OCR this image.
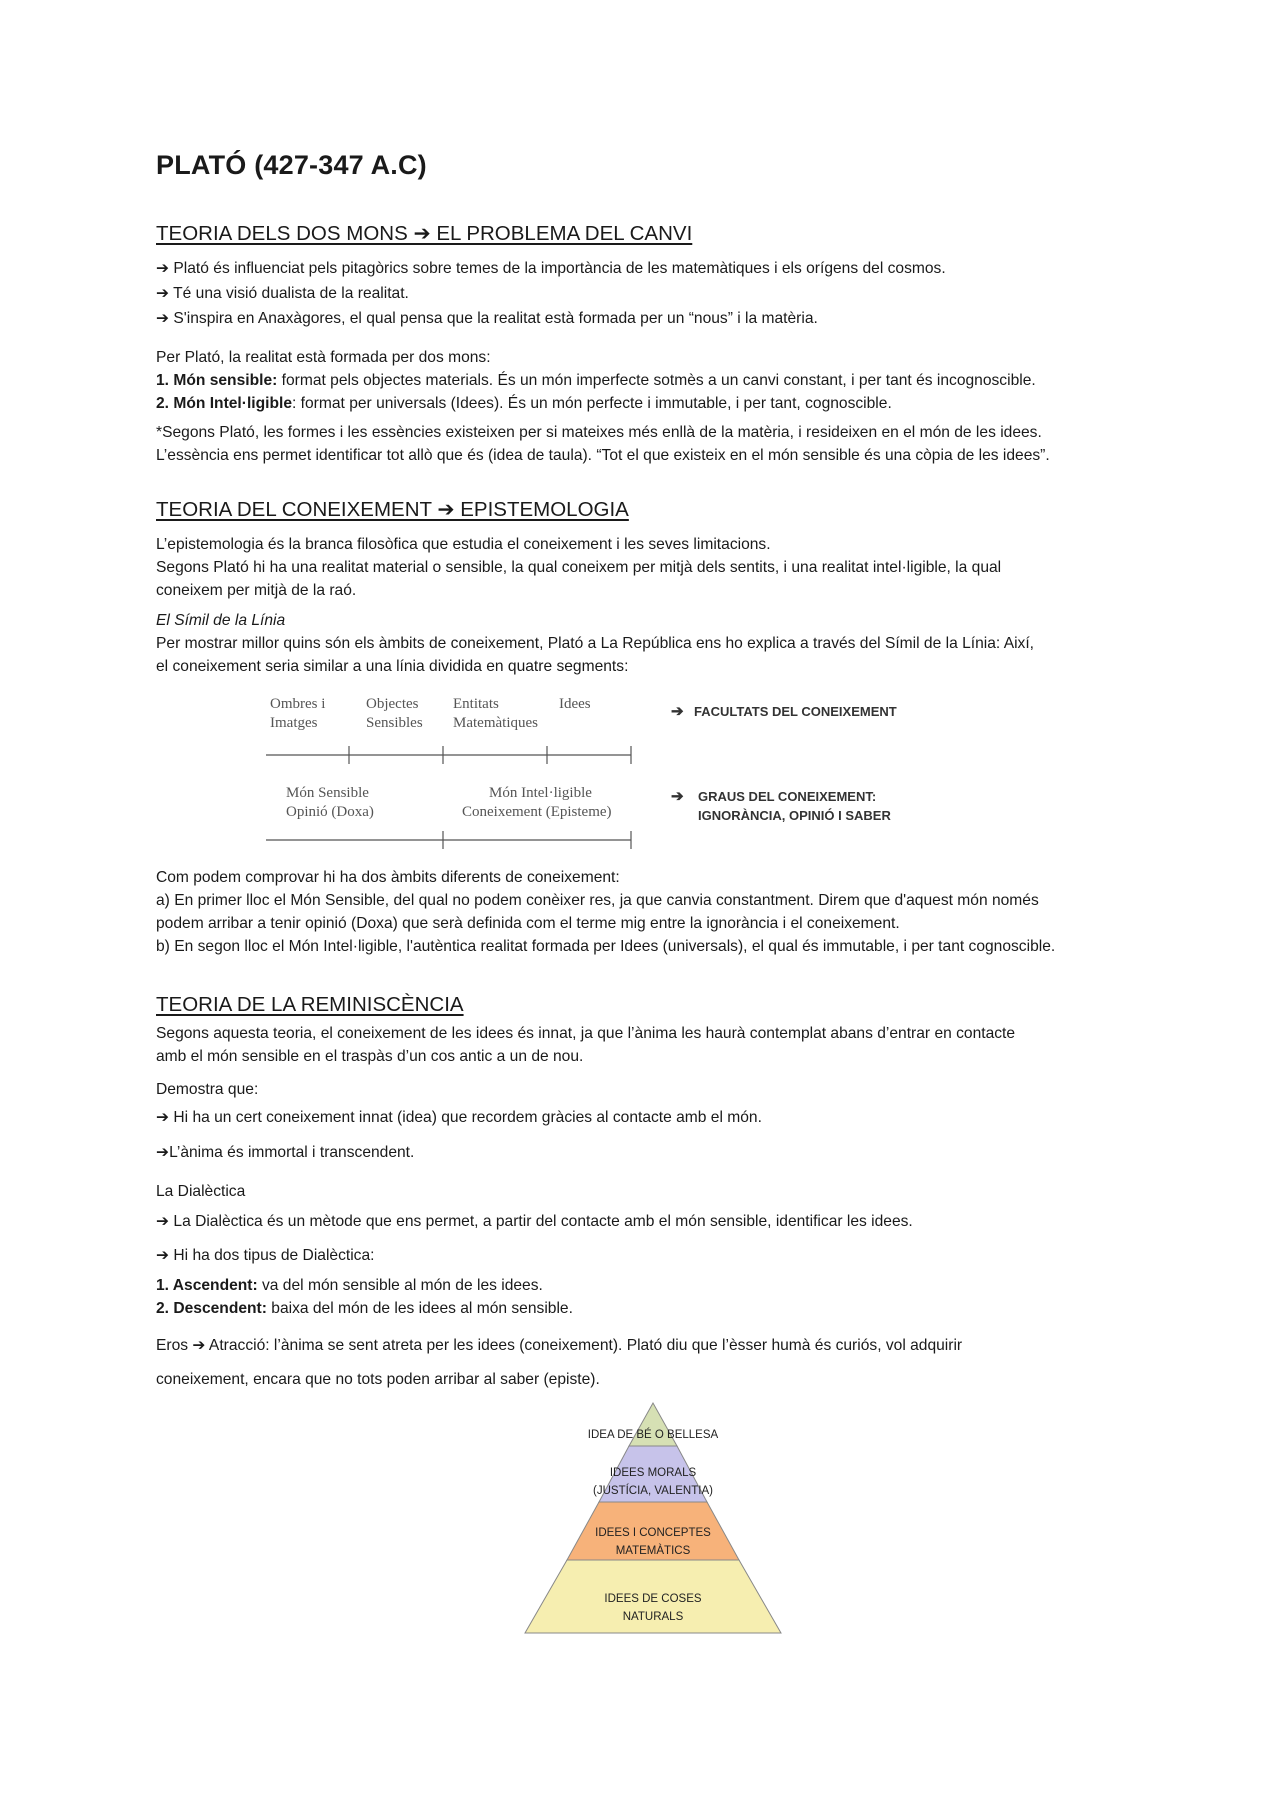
PLATÓ (427-347 A.C)
TEORIA DELS DOS MONS ➔ EL PROBLEMA DEL CANVI

➔ Plató és influenciat pels pitagòrics sobre temes de la importància de les matemàtiques i els orígens del cosmos.

➔ Té una visió dualista de la realitat.

➔ S'inspira en Anaxàgores, el qual pensa que la realitat està formada per un “nous” i la matèria.

Per Plató, la realitat està formada per dos mons:

1. Món sensible: format pels objectes materials. És un món imperfecte sotmès a un canvi constant, i per tant és incognoscible.

2. Món Intel·ligible: format per universals (Idees). És un món perfecte i immutable, i per tant, cognoscible.

*Segons Plató, les formes i les essències existeixen per si mateixes més enllà de la matèria, i resideixen en el món de les idees.

L’essència ens permet identificar tot allò que és (idea de taula). “Tot el que existeix en el món sensible és una còpia de les idees”.

TEORIA DEL CONEIXEMENT ➔ EPISTEMOLOGIA

L’epistemologia és la branca filosòfica que estudia el coneixement i les seves limitacions.

Segons Plató hi ha una realitat material o sensible, la qual coneixem per mitjà dels sentits, i una realitat intel·ligible, la qual

coneixem per mitjà de la raó.

El Símil de la Línia

Per mostrar millor quins són els àmbits de coneixement, Plató a La República ens ho explica a través del Símil de la Línia: Així,

el coneixement seria similar a una línia dividida en quatre segments:

Ombres i
Imatges
Objectes
Sensibles
Entitats
Matemàtiques
Idees
Món Sensible
Opinió (Doxa)
Món Intel·ligible
Coneixement (Episteme)
➔ FACULTATS DEL CONEIXEMENT
➔ GRAUS DEL CONEIXEMENT:
IGNORÀNCIA, OPINIÓ I SABER

Com podem comprovar hi ha dos àmbits diferents de coneixement:

a) En primer lloc el Món Sensible, del qual no podem conèixer res, ja que canvia constantment. Direm que d'aquest món només

podem arribar a tenir opinió (Doxa) que serà definida com el terme mig entre la ignorància i el coneixement.

b) En segon lloc el Món Intel·ligible, l'autèntica realitat formada per Idees (universals), el qual és immutable, i per tant cognoscible.

TEORIA DE LA REMINISCÈNCIA

Segons aquesta teoria, el coneixement de les idees és innat, ja que l’ànima les haurà contemplat abans d’entrar en contacte

amb el món sensible en el traspàs d’un cos antic a un de nou.

Demostra que:

➔ Hi ha un cert coneixement innat (idea) que recordem gràcies al contacte amb el món.

➔L’ànima és immortal i transcendent.

La Dialèctica

➔ La Dialèctica és un mètode que ens permet, a partir del contacte amb el món sensible, identificar les idees.

➔ Hi ha dos tipus de Dialèctica:

1. Ascendent: va del món sensible al món de les idees.

2. Descendent: baixa del món de les idees al món sensible.

Eros ➔ Atracció: l’ànima se sent atreta per les idees (coneixement). Plató diu que l’èsser humà és curiós, vol adquirir

coneixement, encara que no tots poden arribar al saber (episte).

IDEA DE BÉ O BELLESA
IDEES MORALS
(JUSTÍCIA, VALENTIA)
IDEES I CONCEPTES
MATEMÀTICS
IDEES DE COSES
NATURALS
